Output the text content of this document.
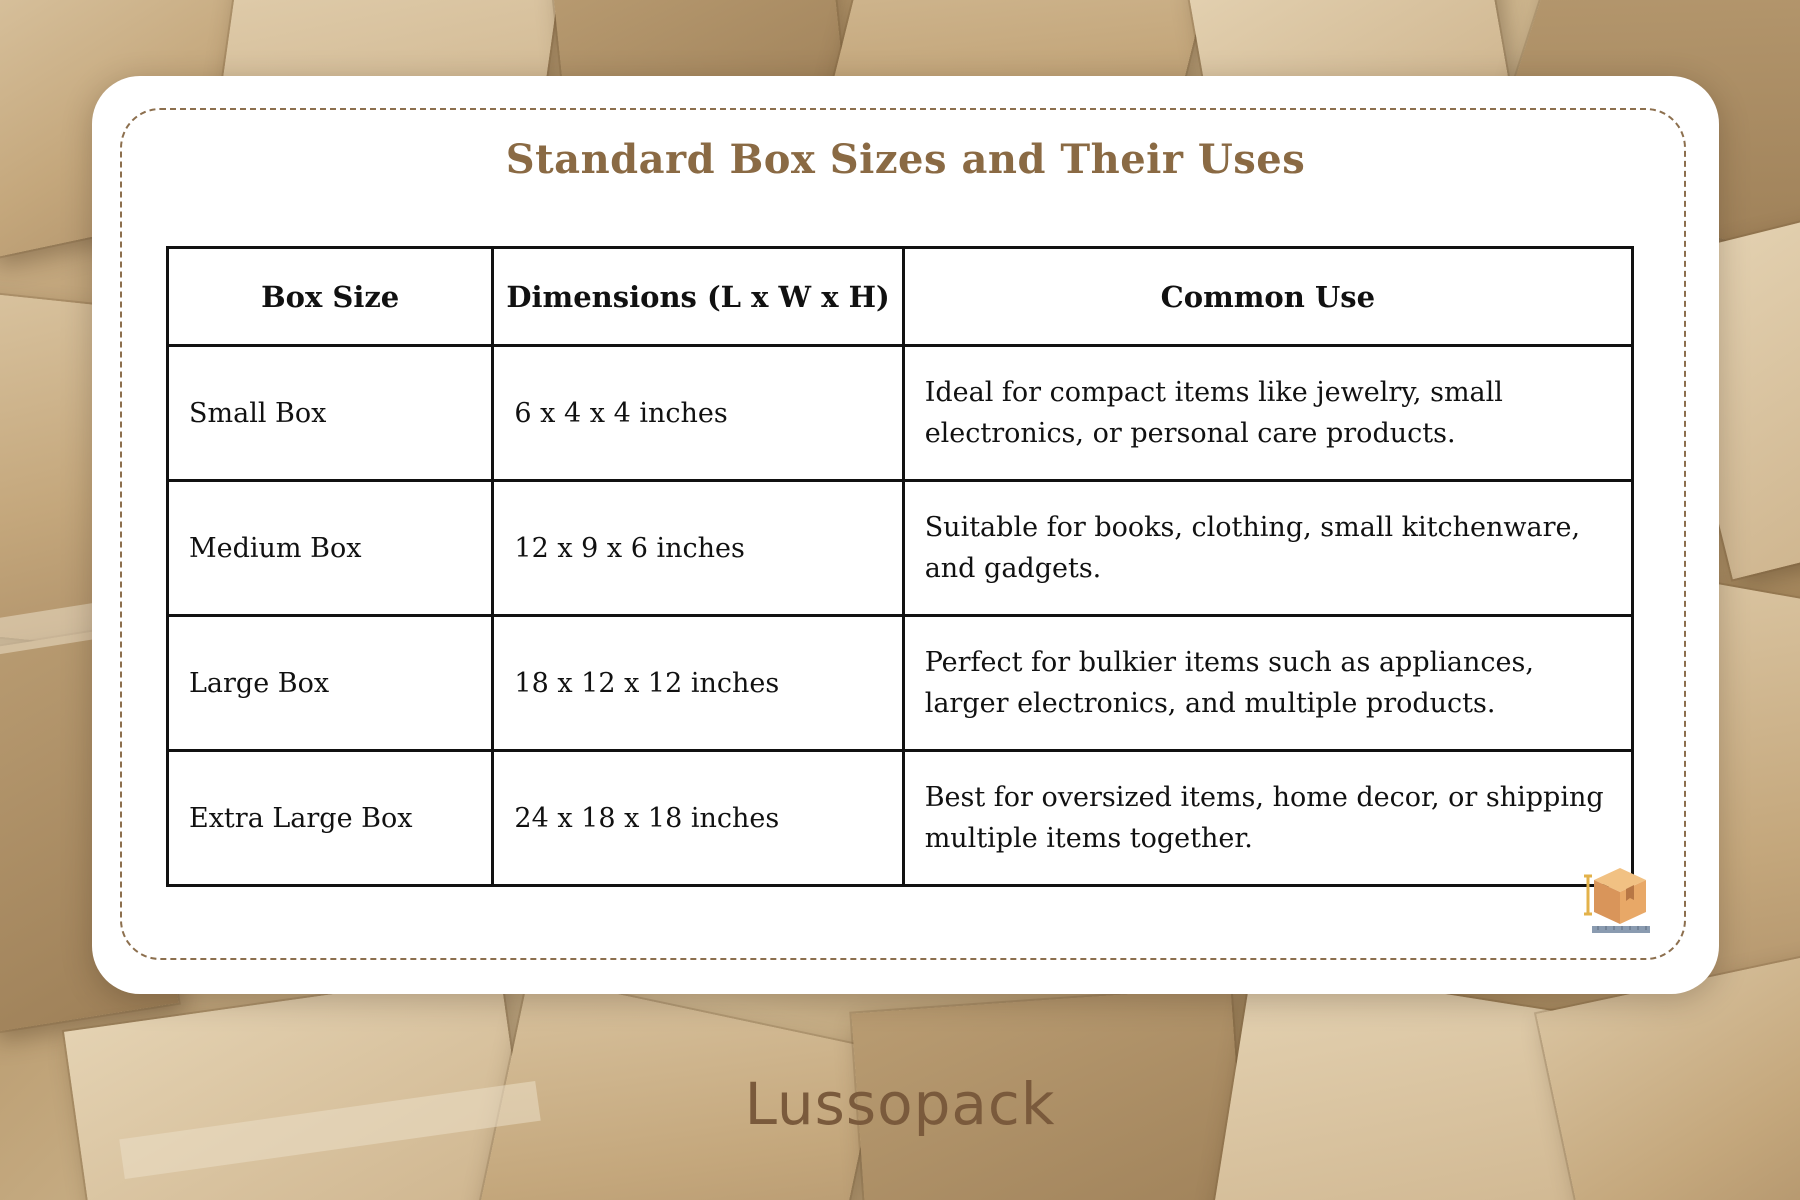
Standard Box Sizes and Their Uses
Box Size	Dimensions (L x W x H)	Common Use
Small Box	6 x 4 x 4 inches	Ideal for compact items like jewelry, small electronics, or personal care products.
Medium Box	12 x 9 x 6 inches	Suitable for books, clothing, small kitchenware, and gadgets.
Large Box	18 x 12 x 12 inches	Perfect for bulkier items such as appliances, larger electronics, and multiple products.
Extra Large Box	24 x 18 x 18 inches	Best for oversized items, home decor, or shipping multiple items together.
Lussopack
